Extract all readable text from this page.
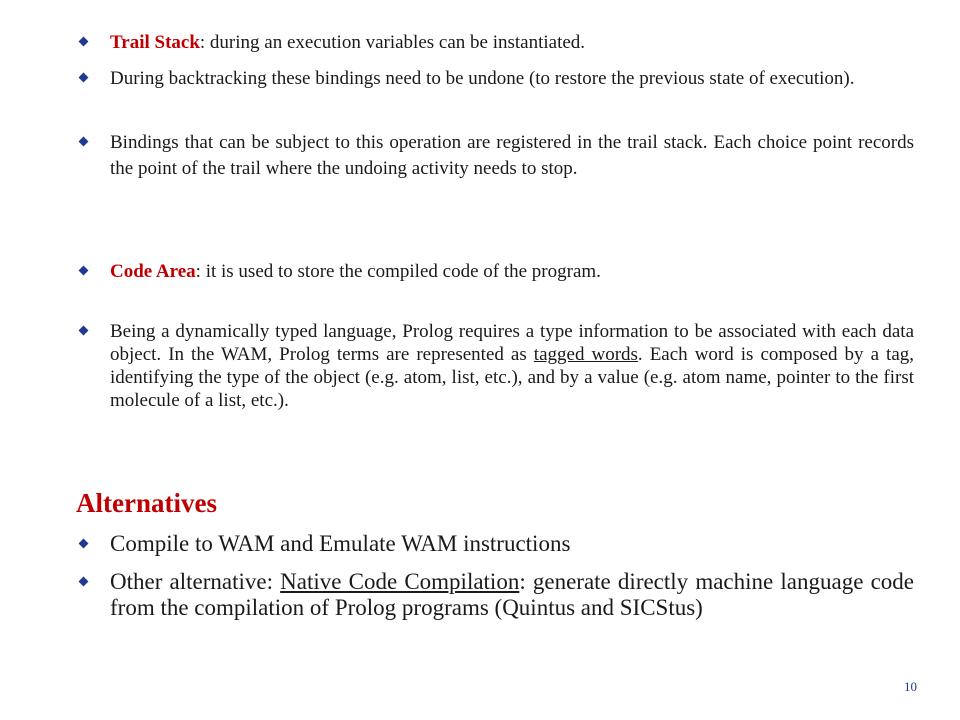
Trail Stack: during an execution variables can be instantiated.
During backtracking these bindings need to be undone (to restore the previous state of execution).
Bindings that can be subject to this operation are registered in the trail stack. Each choice point records the point of the trail where the undoing activity needs to stop.
Code Area: it is used to store the compiled code of the program.
Being a dynamically typed language, Prolog requires a type information to be associated with each data object. In the WAM, Prolog terms are represented as tagged words. Each word is composed by a tag, identifying the type of the object (e.g. atom, list, etc.), and by a value (e.g. atom name, pointer to the first molecule of a list, etc.).
Alternatives
Compile to WAM and Emulate WAM instructions
Other alternative: Native Code Compilation: generate directly machine language code from the compilation of Prolog programs (Quintus and SICStus)
10
